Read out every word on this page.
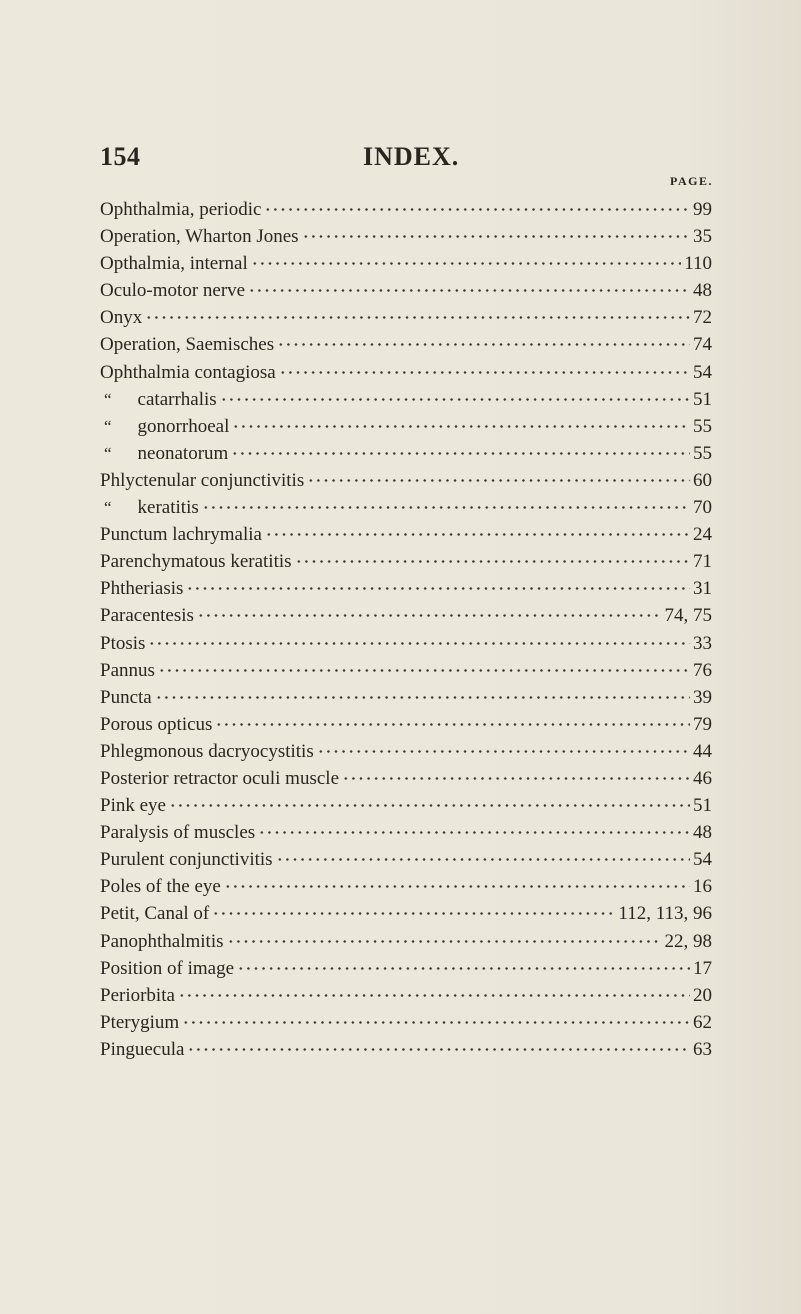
154	INDEX.
PAGE.
Ophthalmia, periodic	99
Operation, Wharton Jones	35
Opthalmia, internal	110
Oculo-motor nerve	48
Onyx	72
Operation, Saemisches	74
Ophthalmia contagiosa	54
“	catarrhalis	51
“	gonorrhoeal	55
“	neonatorum	55
Phlyctenular conjunctivitis	60
“	keratitis	70
Punctum lachrymalia	24
Parenchymatous keratitis	71
Phtheriasis	31
Paracentesis	74, 75
Ptosis	33
Pannus	76
Puncta	39
Porous opticus	79
Phlegmonous dacryocystitis	44
Posterior retractor oculi muscle	46
Pink eye	51
Paralysis of muscles	48
Purulent conjunctivitis	54
Poles of the eye	16
Petit, Canal of	112, 113, 96
Panophthalmitis	22, 98
Position of image	17
Periorbita	20
Pterygium	62
Pinguecula	63
